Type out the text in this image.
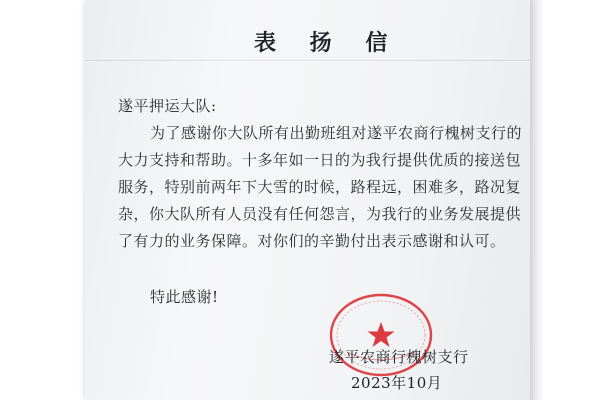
表 扬 信

遂平押运大队:

为了感谢你大队所有出勤班组对遂平农商行槐树支行的

大力支持和帮助。十多年如一日的为我行提供优质的接送包

服务，特别前两年下大雪的时候，路程远，困难多，路况复

杂，你大队所有人员没有任何怨言，为我行的业务发展提供

了有力的业务保障。对你们的辛勤付出表示感谢和认可。

特此感谢!

遂平农商行槐树支行

2023年10月
